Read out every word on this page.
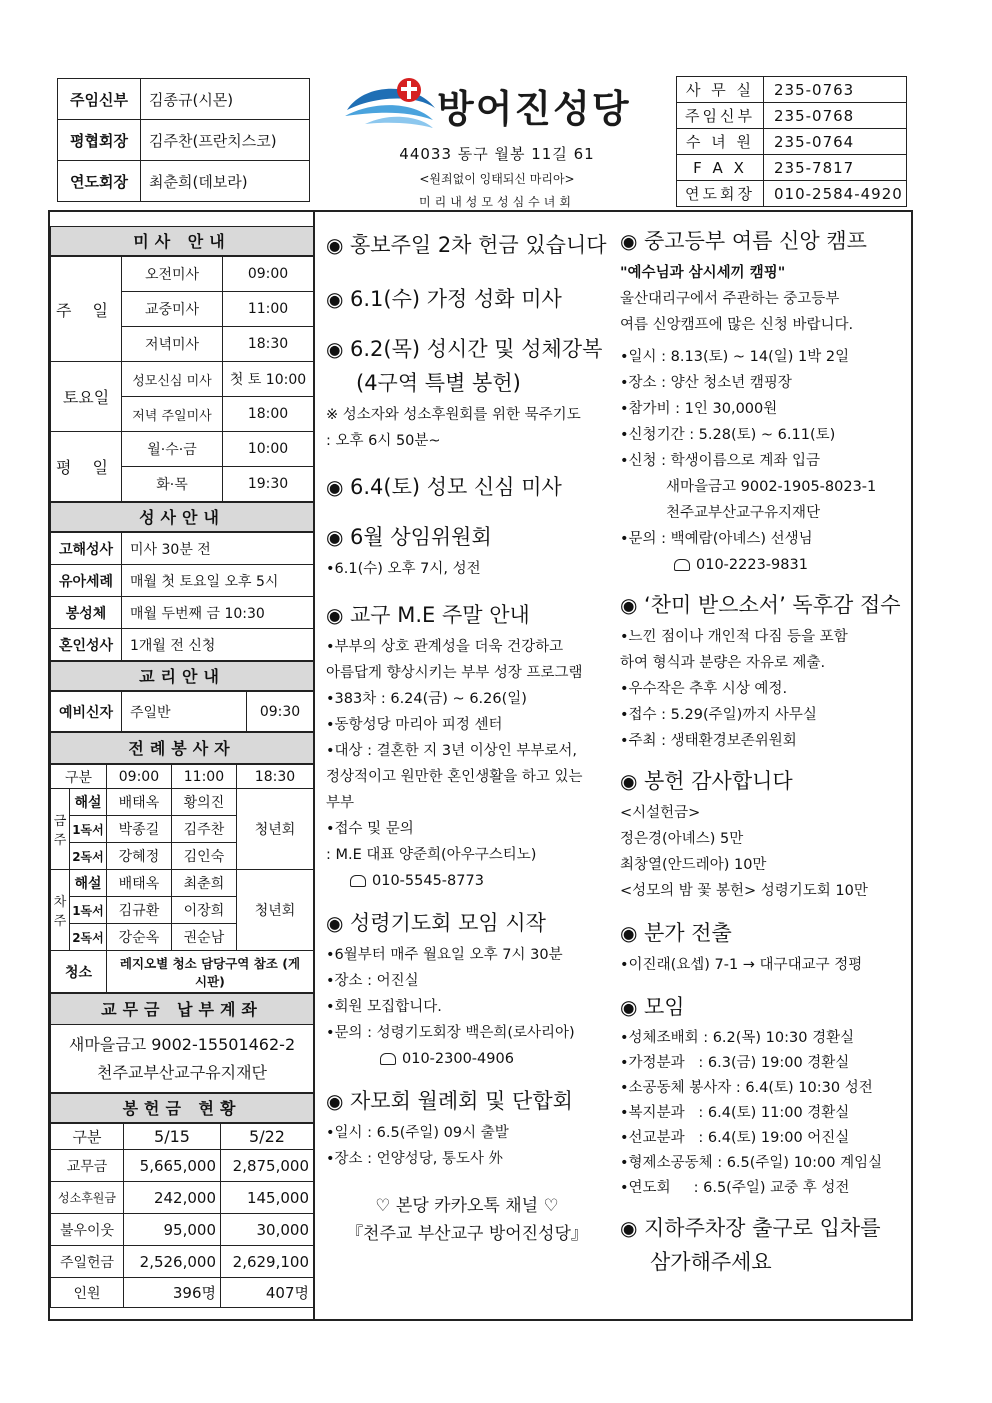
주임신부	김종규(시몬)
평협회장	김주찬(프란치스코)
연도회장	최춘희(데보라)
방어진성당
44033 동구 월봉 11길 61
<원죄없이 잉태되신 마리아>
미리내성모성심수녀회
사 무 실	235-0763
주임신부	235-0768
수 녀 원	235-0764
F A X	235-7817
연도회장	010-2584-4920
미사 안내
주 일	오전미사	09:00
	교중미사	11:00
	저녁미사	18:30
토요일	성모신심 미사	첫 토 10:00
	저녁 주일미사	18:00
평 일	월·수·금	10:00
	화·목	19:30
성사안내
고해성사	미사 30분 전
유아세례	매월 첫 토요일 오후 5시
봉성체	매월 두번째 금 10:30
혼인성사	1개월 전 신청
교리안내
예비신자	주일반	09:30
전례봉사자
구분		09:00	11:00	18:30
금 주	해설	배태옥	황의진	청년회
	1독서	박종길	김주찬	
	2독서	강혜정	김인숙	
차 주	해설	배태옥	최춘희	청년회
	1독서	김규환	이장희	
	2독서	강순옥	권순남	
청소		레지오별 청소 담당구역 참조 (게시판)		
교무금 납부계좌
새마을금고 9002-15501462-2
천주교부산교구유지재단
봉헌금 현황
구분	5/15	5/22
교무금	5,665,000	2,875,000
성소후원금	242,000	145,000
불우이웃	95,000	30,000
주일헌금	2,526,000	2,629,100
인원	396명	407명
◉ 홍보주일 2차 헌금 있습니다
◉ 6.1(수) 가정 성화 미사
◉ 6.2(목) 성시간 및 성체강복
(4구역 특별 봉헌)
※ 성소자와 성소후원회를 위한 묵주기도
: 오후 6시 50분~
◉ 6.4(토) 성모 신심 미사
◉ 6월 상임위원회
•6.1(수) 오후 7시, 성전
◉ 교구 M.E 주말 안내
•부부의 상호 관계성을 더욱 건강하고
아름답게 향상시키는 부부 성장 프로그램
•383차 : 6.24(금) ~ 6.26(일)
•동항성당 마리아 피정 센터
•대상 : 결혼한 지 3년 이상인 부부로서,
정상적이고 원만한 혼인생활을 하고 있는
부부
•접수 및 문의
: M.E 대표 양준희(아우구스티노)
010-5545-8773
◉ 성령기도회 모임 시작
•6월부터 매주 월요일 오후 7시 30분
•장소 : 어진실
•회원 모집합니다.
•문의 : 성령기도회장 백은희(로사리아)
010-2300-4906
◉ 자모회 월례회 및 단합회
•일시 : 6.5(주일) 09시 출발
•장소 : 언양성당, 통도사 外
♡ 본당 카카오톡 채널 ♡
『천주교 부산교구 방어진성당』
◉ 중고등부 여름 신앙 캠프
"예수님과 삼시세끼 캠핑"
울산대리구에서 주관하는 중고등부
여름 신앙캠프에 많은 신청 바랍니다.
•일시 : 8.13(토) ~ 14(일) 1박 2일
•장소 : 양산 청소년 캠핑장
•참가비 : 1인 30,000원
•신청기간 : 5.28(토) ~ 6.11(토)
•신청 : 학생이름으로 계좌 입금
새마을금고 9002-1905-8023-1
천주교부산교구유지재단
•문의 : 백예람(아녜스) 선생님
010-2223-9831
◉ ‘찬미 받으소서’ 독후감 접수
•느낀 점이나 개인적 다짐 등을 포함
하여 형식과 분량은 자유로 제출.
•우수작은 추후 시상 예정.
•접수 : 5.29(주일)까지 사무실
•주최 : 생태환경보존위원회
◉ 봉헌 감사합니다
<시설헌금>
정은경(아녜스) 5만
최창열(안드레아) 10만
<성모의 밤 꽃 봉헌> 성령기도회 10만
◉ 분가 전출
•이진래(요셉) 7-1 → 대구대교구 정평
◉ 모임
•성체조배회 : 6.2(목) 10:30 경환실
•가정분과   : 6.3(금) 19:00 경환실
•소공동체 봉사자 : 6.4(토) 10:30 성전
•복지분과   : 6.4(토) 11:00 경환실
•선교분과   : 6.4(토) 19:00 어진실
•형제소공동체 : 6.5(주일) 10:00 계임실
•연도회     : 6.5(주일) 교중 후 성전
◉ 지하주차장 출구로 입차를
삼가해주세요
